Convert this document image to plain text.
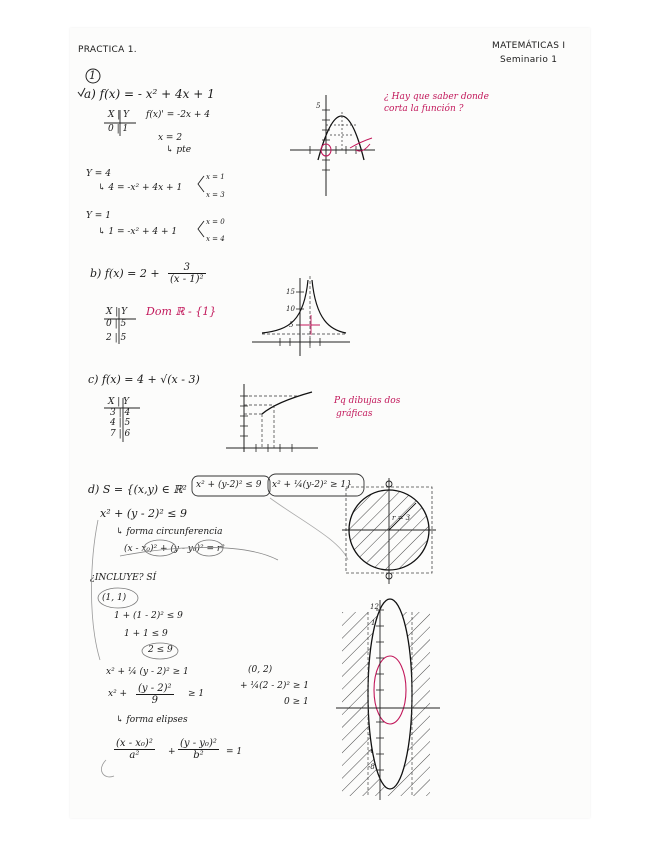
PRACTICA 1.	MATEMÁTICAS I
Seminario 1
1
a) f(x) = - x² + 4x + 1
X | Y
0 | 1
f(x)' = -2x + 4
x = 2
↳ pte
Y = 4
↳ 4 = -x² + 4x + 1
x = 1
x = 3
Y = 1
↳ 1 = -x² + 4 + 1
x = 0
x = 4
¿ Hay que saber donde corta la función ?
5
b) $f(x) = 2 + \frac{3}{\text{(x - 1)²}}$
X | Y
0 | 5
2 | 5
Dom ℝ - {1}
15
10
5
c) f(x) = 4 + √(x - 3)
X | Y
3 | 4
4 | 5
7 | 6
Pq dibujas dos
gráficas
d) S = {(x,y) ∈ ℝ² x² + (y-2)² ≤ 9 x² + ¼(y-2)² ≥ 1}
x² + (y - 2)² ≤ 9
↳ forma circunferencia
(x - x₀)² + (y - y₀)² = r²
¿INCLUYE? SÍ
(1, 1)
1 + (1 - 2)² ≤ 9
1 + 1 ≤ 9
2 ≤ 9
x² + ¼ (y - 2)² ≥ 1
$x^2 + \frac{\text{(y - 2)²}}{9} \ge 1$
↳ forma elipses
$\frac{\text{(x - x₀)²}}{\text{a²}} + \frac{\text{(y - y₀)²}}{\text{b²}} = 1$
(0, 2)
+ ¼(2 - 2)² ≥ 1
0 ≥ 1
12
